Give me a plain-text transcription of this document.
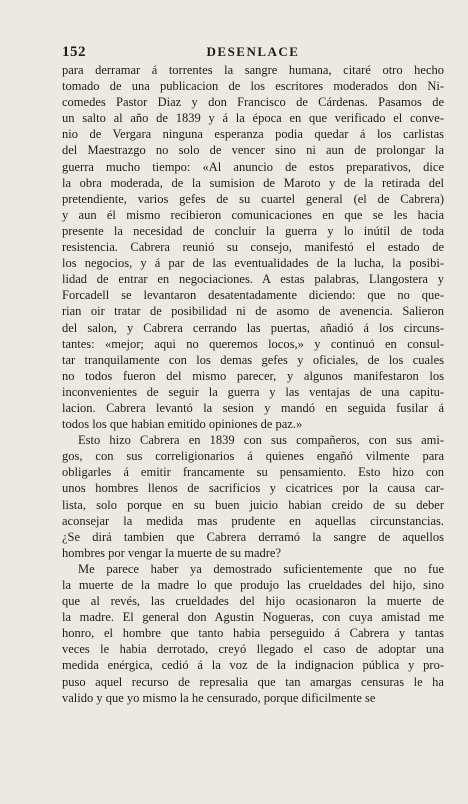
152	DESENLACE
para derramar á torrentes la sangre humana, citaré otro hecho
tomado de una publicacion de los escritores moderados don Ni-
comedes Pastor Diaz y don Francisco de Cárdenas. Pasamos de
un salto al año de 1839 y á la época en que verificado el conve-
nio de Vergara ninguna esperanza podia quedar á los carlistas
del Maestrazgo no solo de vencer sino ni aun de prolongar la
guerra mucho tiempo: «Al anuncio de estos preparativos, dice
la obra moderada, de la sumision de Maroto y de la retirada del
pretendiente, varios gefes de su cuartel general (el de Cabrera)
y aun él mismo recibieron comunicaciones en que se les hacia
presente la necesidad de concluir la guerra y lo inútil de toda
resistencia. Cabrera reunió su consejo, manifestó el estado de
los negocios, y á par de las eventualidades de la lucha, la posibi-
lidad de entrar en negociaciones. A estas palabras, Llangostera y
Forcadell se levantaron desatentadamente diciendo: que no que-
rian oir tratar de posibilidad ni de asomo de avenencia. Salieron
del salon, y Cabrera cerrando las puertas, añadió á los circuns-
tantes: «mejor; aqui no queremos locos,» y continuó en consul-
tar tranquilamente con los demas gefes y oficiales, de los cuales
no todos fueron del mismo parecer, y algunos manifestaron los
inconvenientes de seguir la guerra y las ventajas de una capitu-
lacion. Cabrera levantó la sesion y mandó en seguida fusilar á
todos los que habian emitido opiniones de paz.»
Esto hizo Cabrera en 1839 con sus compañeros, con sus ami-
gos, con sus correligionarios á quienes engañó vilmente para
obligarles á emitir francamente su pensamiento. Esto hizo con
unos hombres llenos de sacrificios y cicatrices por la causa car-
lista, solo porque en su buen juicio habian creido de su deber
aconsejar la medida mas prudente en aquellas circunstancias.
¿Se dirá tambien que Cabrera derramó la sangre de aquellos
hombres por vengar la muerte de su madre?
Me parece haber ya demostrado suficientemente que no fue
la muerte de la madre lo que produjo las crueldades del hijo, sino
que al revés, las crueldades del hijo ocasionaron la muerte de
la madre. El general don Agustin Nogueras, con cuya amistad me
honro, el hombre que tanto habia perseguido á Cabrera y tantas
veces le habia derrotado, creyó llegado el caso de adoptar una
medida enérgica, cedió á la voz de la indignacion pública y pro-
puso aquel recurso de represalia que tan amargas censuras le ha
valido y que yo mismo la he censurado, porque dificilmente se
